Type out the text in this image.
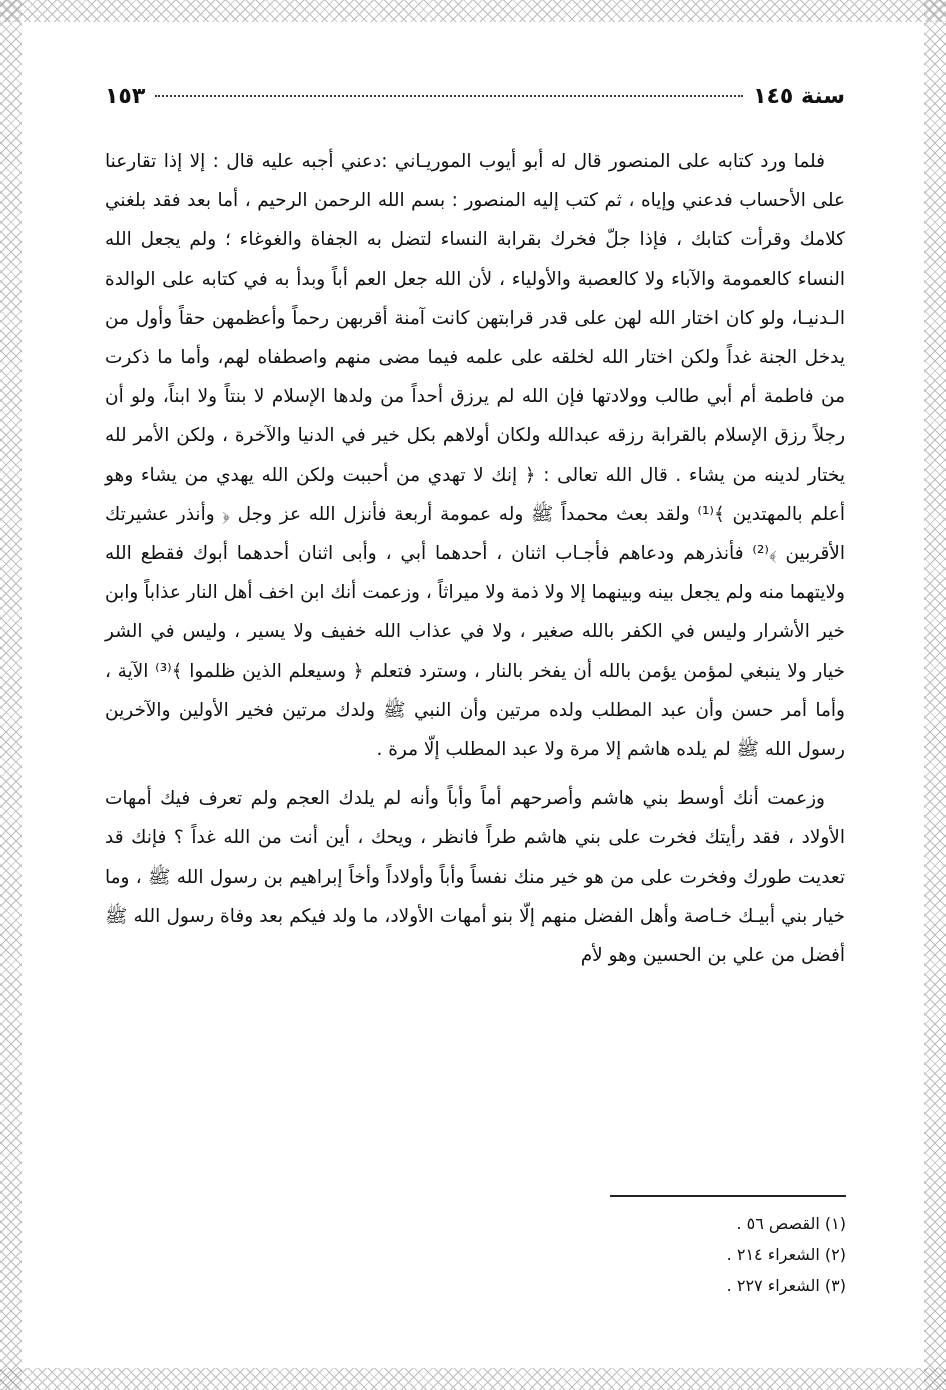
سنة ١٤٥
١٥٣

فلما ورد كتابه على المنصور قال له أبو أيوب الموريـاني :دعني أجبه عليه قال : إلا إذا تقارعنا على الأحساب فدعني وإياه ، ثم كتب إليه المنصور : بسم الله الرحمن الرحيم ، أما بعد فقد بلغني كلامك وقرأت كتابك ، فإذا جلّ فخرك بقرابة النساء لتضل به الجفاة والغوغاء ؛ ولم يجعل الله النساء كالعمومة والآباء ولا كالعصبة والأولياء ، لأن الله جعل العم أباً وبدأ به في كتابه على الوالدة الـدنيـا، ولو كان اختار الله لهن على قدر قرابتهن كانت آمنة أقربهن رحماً وأعظمهن حقاً وأول من يدخل الجنة غداً ولكن اختار الله لخلقه على علمه فيما مضى منهم واصطفاه لهم، وأما ما ذكرت من فاطمة أم أبي طالب وولادتها فإن الله لم يرزق أحداً من ولدها الإسلام لا بنتاً ولا ابناً، ولو أن رجلاً رزق الإسلام بالقرابة رزقه عبدالله ولكان أولاهم بكل خير في الدنيا والآخرة ، ولكن الأمر لله يختار لدينه من يشاء . قال الله تعالى : ﴿ إنك لا تهدي من أحببت ولكن الله يهدي من يشاء وهو أعلم بالمهتدين ﴾⁽¹⁾ ولقد بعث محمداً ﷺ وله عمومة أربعة فأنزل الله عز وجل ﴿ وأنذر عشيرتك الأقربين ﴾⁽²⁾ فأنذرهم ودعاهم فأجـاب اثنان ، أحدهما أبي ، وأبى اثنان أحدهما أبوك فقطع الله ولايتهما منه ولم يجعل بينه وبينهما إلا ولا ذمة ولا ميراثاً ، وزعمت أنك ابن اخف أهل النار عذاباً وابن خير الأشرار وليس في الكفر بالله صغير ، ولا في عذاب الله خفيف ولا يسير ، وليس في الشر خيار ولا ينبغي لمؤمن يؤمن بالله أن يفخر بالنار ، وسترد فتعلم ﴿ وسيعلم الذين ظلموا ﴾⁽³⁾ الآية ، وأما أمر حسن وأن عبد المطلب ولده مرتين وأن النبي ﷺ ولدك مرتين فخير الأولين والآخرين رسول الله ﷺ لم يلده هاشم إلا مرة ولا عبد المطلب إلّا مرة .

وزعمت أنك أوسط بني هاشم وأصرحهم أماً وأباً وأنه لم يلدك العجم ولم تعرف فيك أمهات الأولاد ، فقد رأيتك فخرت على بني هاشم طراً فانظر ، ويحك ، أين أنت من الله غداً ؟ فإنك قد تعديت طورك وفخرت على من هو خير منك نفساً وأباً وأولاداً وأخاً إبراهيم بن رسول الله ﷺ ، وما خيار بني أبيـك خـاصة وأهل الفضل منهم إلّا بنو أمهات الأولاد، ما ولد فيكم بعد وفاة رسول الله ﷺ أفضل من علي بن الحسين وهو لأم

(١) القصص ٥٦ .
(٢) الشعراء ٢١٤ .
(٣) الشعراء ٢٢٧ .
